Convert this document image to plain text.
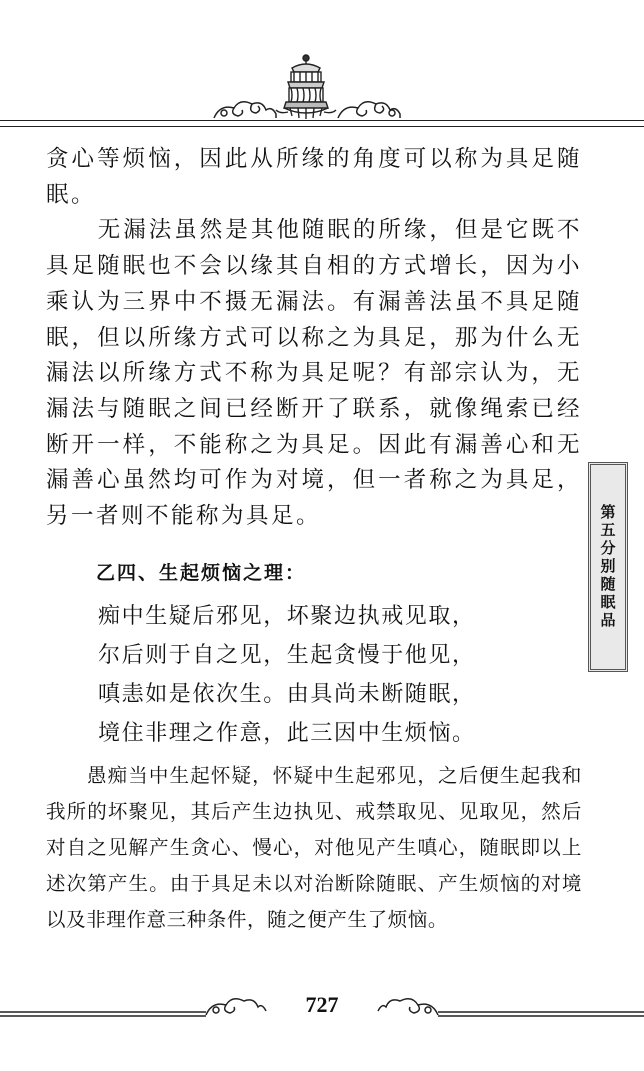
贪心等烦恼，因此从所缘的角度可以称为具足随眠。

无漏法虽然是其他随眠的所缘，但是它既不具足随眠也不会以缘其自相的方式增长，因为小乘认为三界中不摄无漏法。有漏善法虽不具足随眠，但以所缘方式可以称之为具足，那为什么无漏法以所缘方式不称为具足呢？有部宗认为，无漏法与随眠之间已经断开了联系，就像绳索已经断开一样，不能称之为具足。因此有漏善心和无漏善心虽然均可作为对境，但一者称之为具足，另一者则不能称为具足。

乙四、生起烦恼之理：
痴中生疑后邪见，坏聚边执戒见取，
尔后则于自之见，生起贪慢于他见，
嗔恚如是依次生。由具尚未断随眠，
境住非理之作意，此三因中生烦恼。

愚痴当中生起怀疑，怀疑中生起邪见，之后便生起我和我所的坏聚见，其后产生边执见、戒禁取见、见取见，然后对自之见解产生贪心、慢心，对他见产生嗔心，随眠即以上述次第产生。由于具足未以对治断除随眠、产生烦恼的对境以及非理作意三种条件，随之便产生了烦恼。

第五分别随眠品
727
